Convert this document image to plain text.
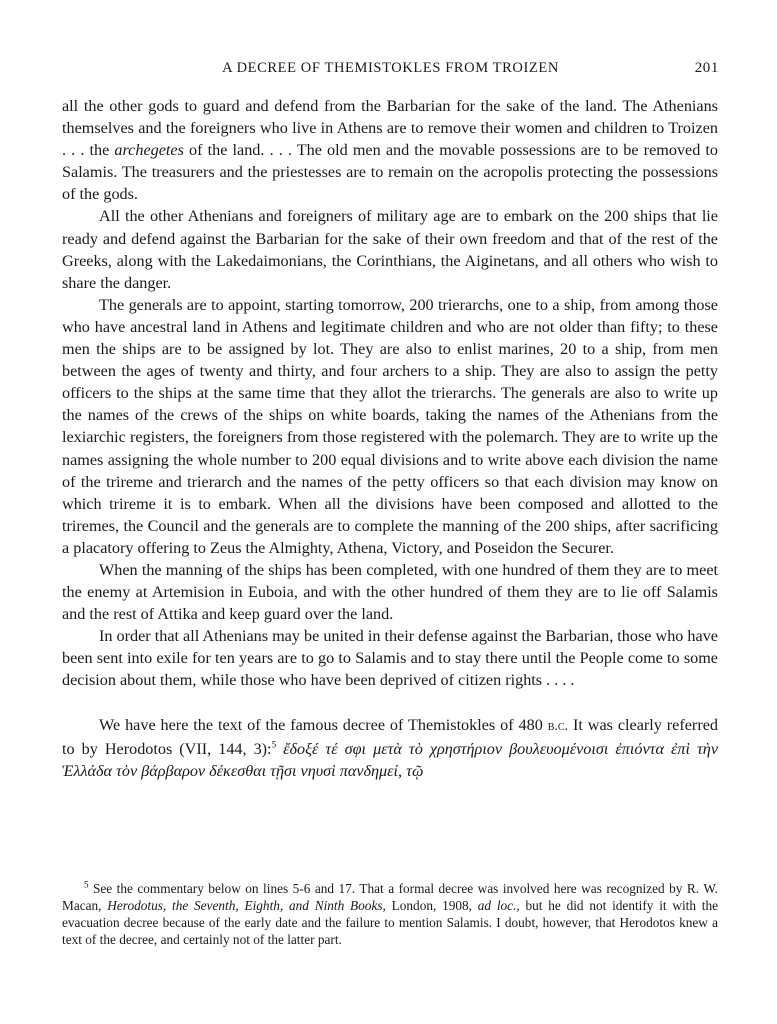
A DECREE OF THEMISTOKLES FROM TROIZEN	201

all the other gods to guard and defend from the Barbarian for the sake of the land. The Athenians themselves and the foreigners who live in Athens are to remove their women and children to Troizen . . . the archegetes of the land. . . . The old men and the movable possessions are to be removed to Salamis. The treasurers and the priestesses are to remain on the acropolis protecting the possessions of the gods.

All the other Athenians and foreigners of military age are to embark on the 200 ships that lie ready and defend against the Barbarian for the sake of their own freedom and that of the rest of the Greeks, along with the Lakedaimonians, the Corinthians, the Aiginetans, and all others who wish to share the danger.

The generals are to appoint, starting tomorrow, 200 trierarchs, one to a ship, from among those who have ancestral land in Athens and legitimate children and who are not older than fifty; to these men the ships are to be assigned by lot. They are also to enlist marines, 20 to a ship, from men between the ages of twenty and thirty, and four archers to a ship. They are also to assign the petty officers to the ships at the same time that they allot the trierarchs. The generals are also to write up the names of the crews of the ships on white boards, taking the names of the Athenians from the lexiarchic registers, the foreigners from those registered with the polemarch. They are to write up the names assigning the whole number to 200 equal divisions and to write above each division the name of the trireme and trierarch and the names of the petty officers so that each division may know on which trireme it is to embark. When all the divisions have been composed and allotted to the triremes, the Council and the generals are to complete the manning of the 200 ships, after sacrificing a placatory offering to Zeus the Almighty, Athena, Victory, and Poseidon the Securer.

When the manning of the ships has been completed, with one hundred of them they are to meet the enemy at Artemision in Euboia, and with the other hundred of them they are to lie off Salamis and the rest of Attika and keep guard over the land.

In order that all Athenians may be united in their defense against the Barbarian, those who have been sent into exile for ten years are to go to Salamis and to stay there until the People come to some decision about them, while those who have been deprived of citizen rights . . . .

We have here the text of the famous decree of Themistokles of 480 b.c. It was clearly referred to by Herodotos (VII, 144, 3):$^5$ ἔδοξέ τέ σφι μετὰ τὸ χρηστήριον βουλευομένοισι ἐπιόντα ἐπὶ τὴν Ἑλλάδα τὸν βάρβαρον δέκεσθαι τῇσι νηυσὶ πανδημεί, τῷ

$^5$ See the commentary below on lines 5-6 and 17. That a formal decree was involved here was recognized by R. W. Macan, Herodotus, the Seventh, Eighth, and Ninth Books, London, 1908, ad loc., but he did not identify it with the evacuation decree because of the early date and the failure to mention Salamis. I doubt, however, that Herodotos knew a text of the decree, and certainly not of the latter part.
